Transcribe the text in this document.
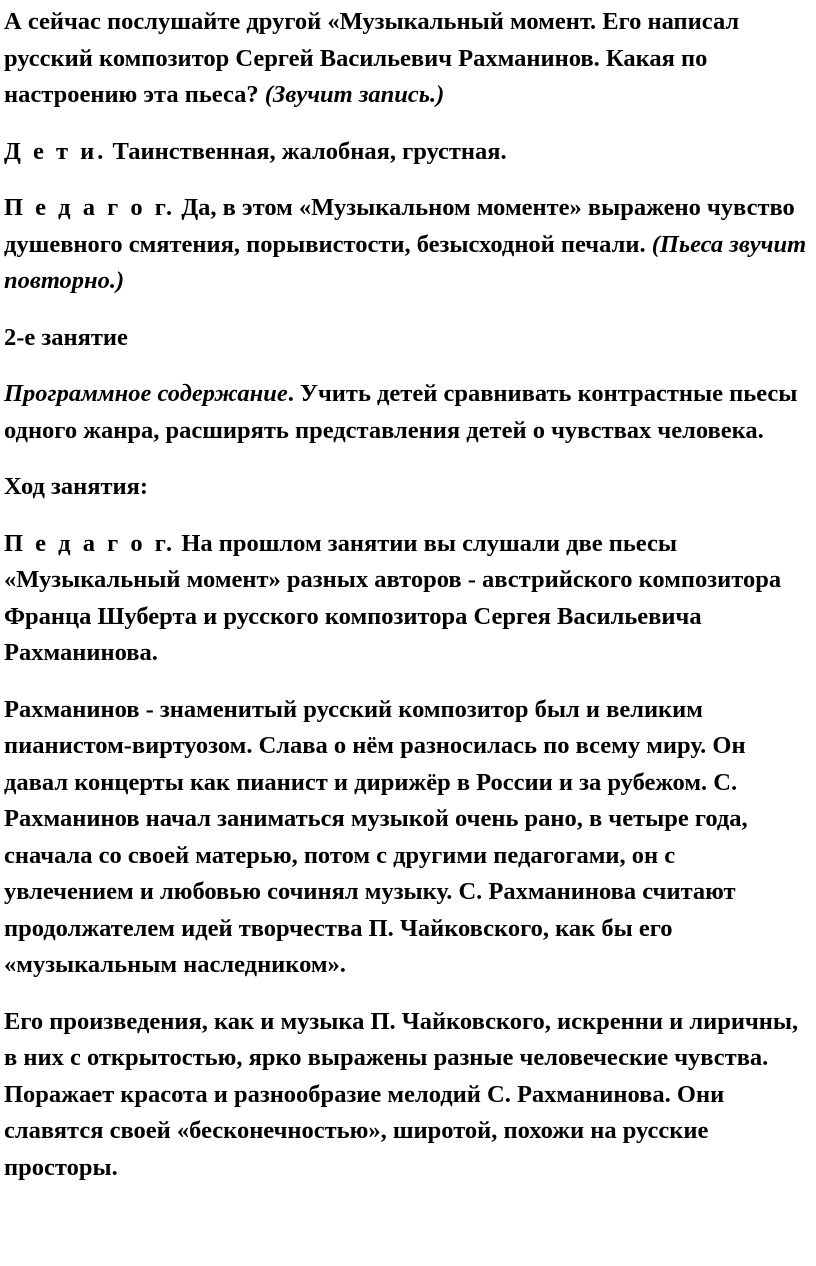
А сейчас послушайте другой «Музыкальный момент. Его написал русский композитор Сергей Васильевич Рахманинов. Какая по настроению эта пьеса? (Звучит запись.)

Д е т и. Таинственная, жалобная, грустная.

П е д а г о г. Да, в этом «Музыкальном моменте» выражено чувство душевного смятения, порывистости, безысходной печали. (Пьеса звучит повторно.)

2-е занятие

Программное содержание. Учить детей сравнивать контрастные пьесы одного жанра, расширять представления детей о чувствах человека.

Ход занятия:

П е д а г о г. На прошлом занятии вы слушали две пьесы «Музыкальный момент» разных авторов - австрийского композитора Франца Шуберта и русского композитора Сергея Васильевича Рахманинова.

Рахманинов - знаменитый русский композитор был и великим пианистом-виртуозом. Слава о нём разносилась по всему миру. Он давал концерты как пианист и дирижёр в России и за рубежом. С. Рахманинов начал заниматься музыкой очень рано, в четыре года, сначала со своей матерью, потом с другими педагогами, он с увлечением и любовью сочинял музыку. С. Рахманинова считают продолжателем идей творчества П. Чайковского, как бы его «музыкальным наследником».

Его произведения, как и музыка П. Чайковского, искренни и лиричны, в них с открытостью, ярко выражены разные человеческие чувства. Поражает красота и разнообразие мелодий С. Рахманинова. Они славятся своей «бесконечностью», широтой, похожи на русские просторы.
